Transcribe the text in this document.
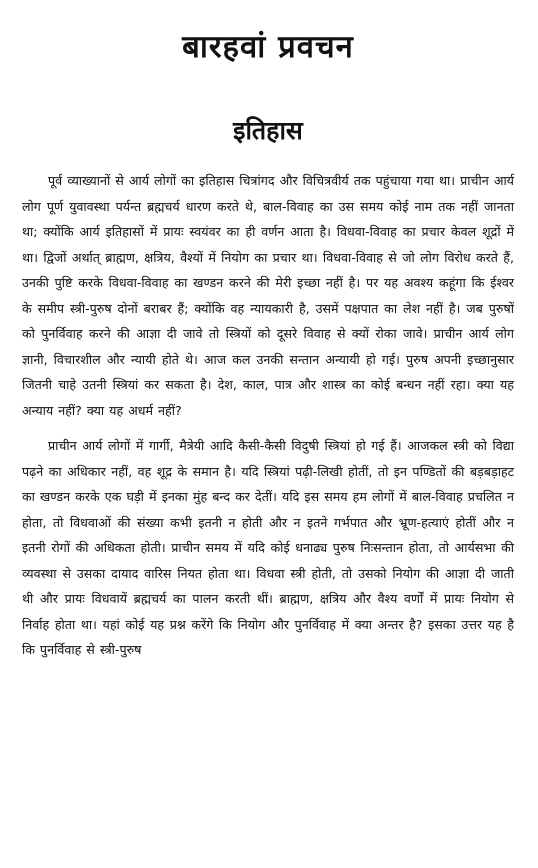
बारहवां प्रवचन
इतिहास

पूर्व व्याख्यानों से आर्य लोगों का इतिहास चित्रांगद और विचित्रवीर्य तक पहुंचाया गया था। प्राचीन आर्य लोग पूर्ण युवावस्था पर्यन्त ब्रह्मचर्य धारण करते थे, बाल-विवाह का उस समय कोई नाम तक नहीं जानता था; क्योंकि आर्य इतिहासों में प्रायः स्वयंवर का ही वर्णन आता है। विधवा-विवाह का प्रचार केवल शूद्रों में था। द्विजों अर्थात् ब्राह्मण, क्षत्रिय, वैश्यों में नियोग का प्रचार था। विधवा-विवाह से जो लोग विरोध करते हैं, उनकी पुष्टि करके विधवा-विवाह का खण्डन करने की मेरी इच्छा नहीं है। पर यह अवश्य कहूंगा कि ईश्वर के समीप स्त्री-पुरुष दोनों बराबर हैं; क्योंकि वह न्यायकारी है, उसमें पक्षपात का लेश नहीं है। जब पुरुषों को पुनर्विवाह करने की आज्ञा दी जावे तो स्त्रियों को दूसरे विवाह से क्यों रोका जावे। प्राचीन आर्य लोग ज्ञानी, विचारशील और न्यायी होते थे। आज कल उनकी सन्तान अन्यायी हो गई। पुरुष अपनी इच्छानुसार जितनी चाहे उतनी स्त्रियां कर सकता है। देश, काल, पात्र और शास्त्र का कोई बन्धन नहीं रहा। क्या यह अन्याय नहीं? क्या यह अधर्म नहीं?

प्राचीन आर्य लोगों में गार्गी, मैत्रेयी आदि कैसी-कैसी विदुषी स्त्रियां हो गई हैं। आजकल स्त्री को विद्या पढ़ने का अधिकार नहीं, वह शूद्र के समान है। यदि स्त्रियां पढ़ी-लिखी होतीं, तो इन पण्डितों की बड़बड़ाहट का खण्डन करके एक घड़ी में इनका मुंह बन्द कर देतीं। यदि इस समय हम लोगों में बाल-विवाह प्रचलित न होता, तो विधवाओं की संख्या कभी इतनी न होती और न इतने गर्भपात और भ्रूण-हत्याएं होतीं और न इतनी रोगों की अधिकता होती। प्राचीन समय में यदि कोई धनाढ्य पुरुष निःसन्तान होता, तो आर्यसभा की व्यवस्था से उसका दायाद वारिस नियत होता था। विधवा स्त्री होती, तो उसको नियोग की आज्ञा दी जाती थी और प्रायः विधवायें ब्रह्मचर्य का पालन करती थीं। ब्राह्मण, क्षत्रिय और वैश्य वर्णों में प्रायः नियोग से निर्वाह होता था। यहां कोई यह प्रश्न करेंगे कि नियोग और पुनर्विवाह में क्या अन्तर है? इसका उत्तर यह है कि पुनर्विवाह से स्त्री-पुरुष
